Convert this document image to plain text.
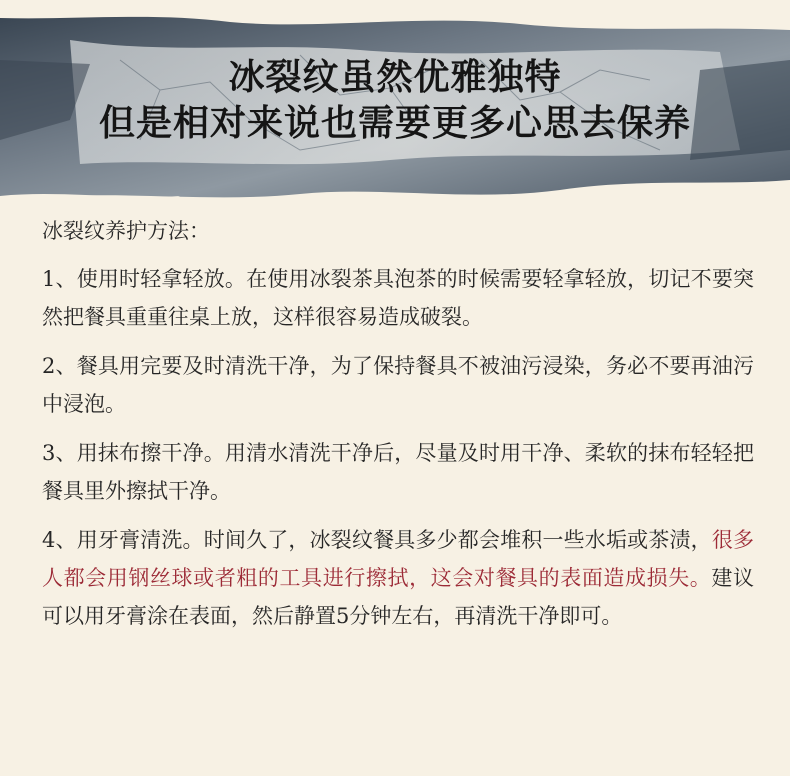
冰裂纹虽然优雅独特
但是相对来说也需要更多心思去保养
冰裂纹养护方法：
1、使用时轻拿轻放。在使用冰裂茶具泡茶的时候需要轻拿轻放，切记不要突然把餐具重重往桌上放，这样很容易造成破裂。
2、餐具用完要及时清洗干净，为了保持餐具不被油污浸染，务必不要再油污中浸泡。
3、用抹布擦干净。用清水清洗干净后，尽量及时用干净、柔软的抹布轻轻把餐具里外擦拭干净。
4、用牙膏清洗。时间久了，冰裂纹餐具多少都会堆积一些水垢或茶渍，很多人都会用钢丝球或者粗的工具进行擦拭，这会对餐具的表面造成损失。建议可以用牙膏涂在表面，然后静置5分钟左右，再清洗干净即可。
